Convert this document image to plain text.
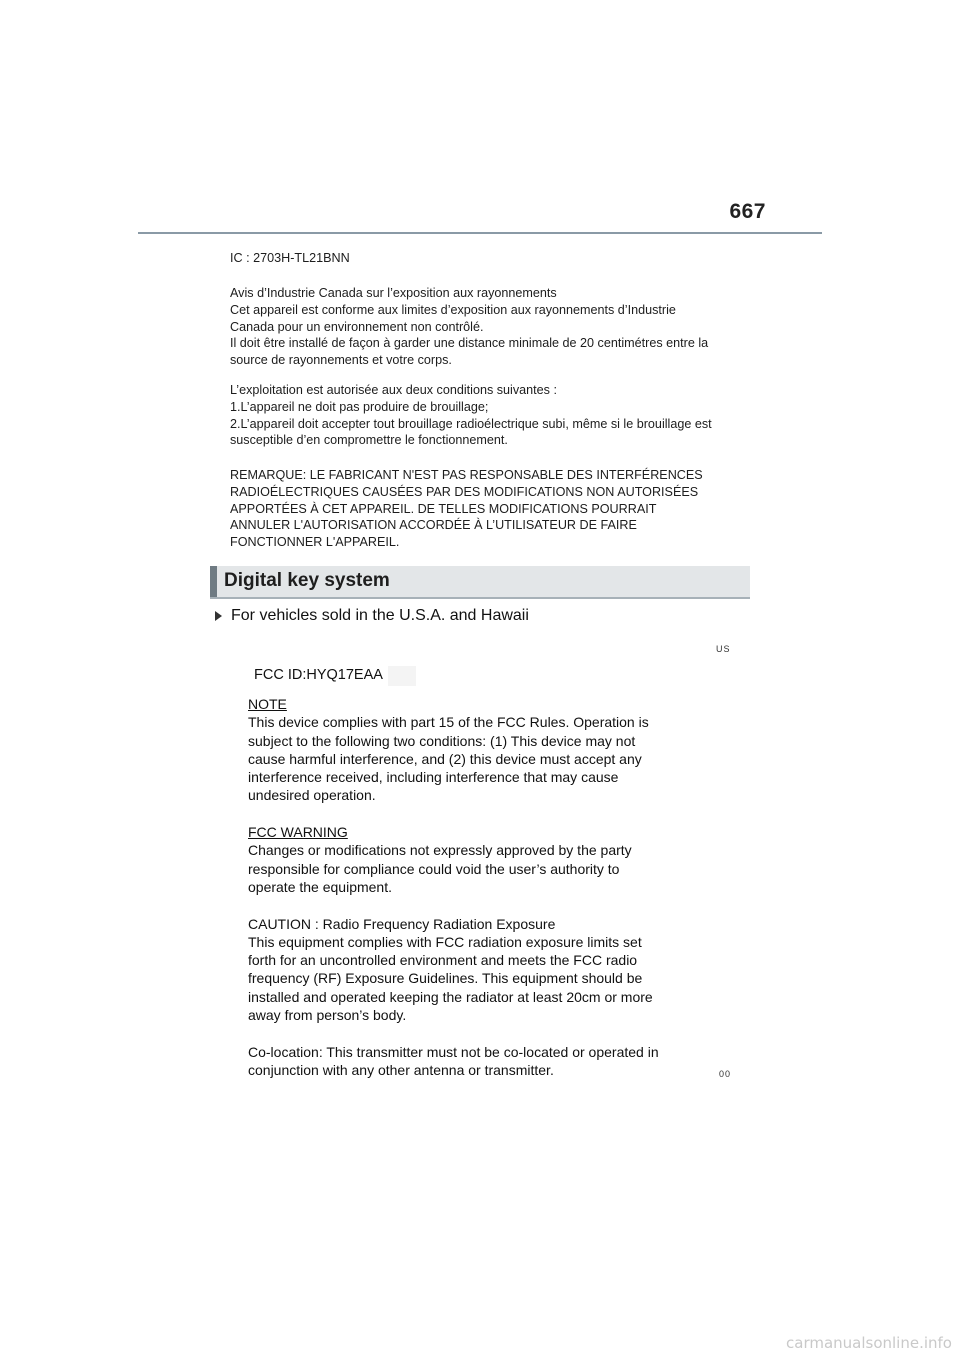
667
IC : 2703H-TL21BNN
Avis d’Industrie Canada sur l’exposition aux rayonnements
Cet appareil est conforme aux limites d’exposition aux rayonnements d’Industrie
Canada pour un environnement non contrôlé.
Il doit être installé de façon à garder une distance minimale de 20 centimétres entre la
source de rayonnements et votre corps.
L’exploitation est autorisée aux deux conditions suivantes :
1.L’appareil ne doit pas produire de brouillage;
2.L’appareil doit accepter tout brouillage radioélectrique subi, même si le brouillage est
susceptible d’en compromettre le fonctionnement.
REMARQUE: LE FABRICANT N'EST PAS RESPONSABLE DES INTERFÉRENCES
RADIOÉLECTRIQUES CAUSÉES PAR DES MODIFICATIONS NON AUTORISÉES
APPORTÉES À CET APPAREIL. DE TELLES MODIFICATIONS POURRAIT
ANNULER L'AUTORISATION ACCORDÉE À L’UTILISATEUR DE FAIRE
FONCTIONNER L'APPAREIL.
Digital key system
For vehicles sold in the U.S.A. and Hawaii
US
FCC ID:HYQ17EAA
NOTE
This device complies with part 15 of the FCC Rules. Operation is
subject to the following two conditions: (1) This device may not
cause harmful interference, and (2) this device must accept any
interference received, including interference that may cause
undesired operation.
FCC WARNING
Changes or modifications not expressly approved by the party
responsible for compliance could void the user’s authority to
operate the equipment.
CAUTION : Radio Frequency Radiation Exposure
This equipment complies with FCC radiation exposure limits set
forth for an uncontrolled environment and meets the FCC radio
frequency (RF) Exposure Guidelines. This equipment should be
installed and operated keeping the radiator at least 20cm or more
away from person’s body.
Co-location: This transmitter must not be co-located or operated in
conjunction with any other antenna or transmitter.	00
carmanualsonline.info
